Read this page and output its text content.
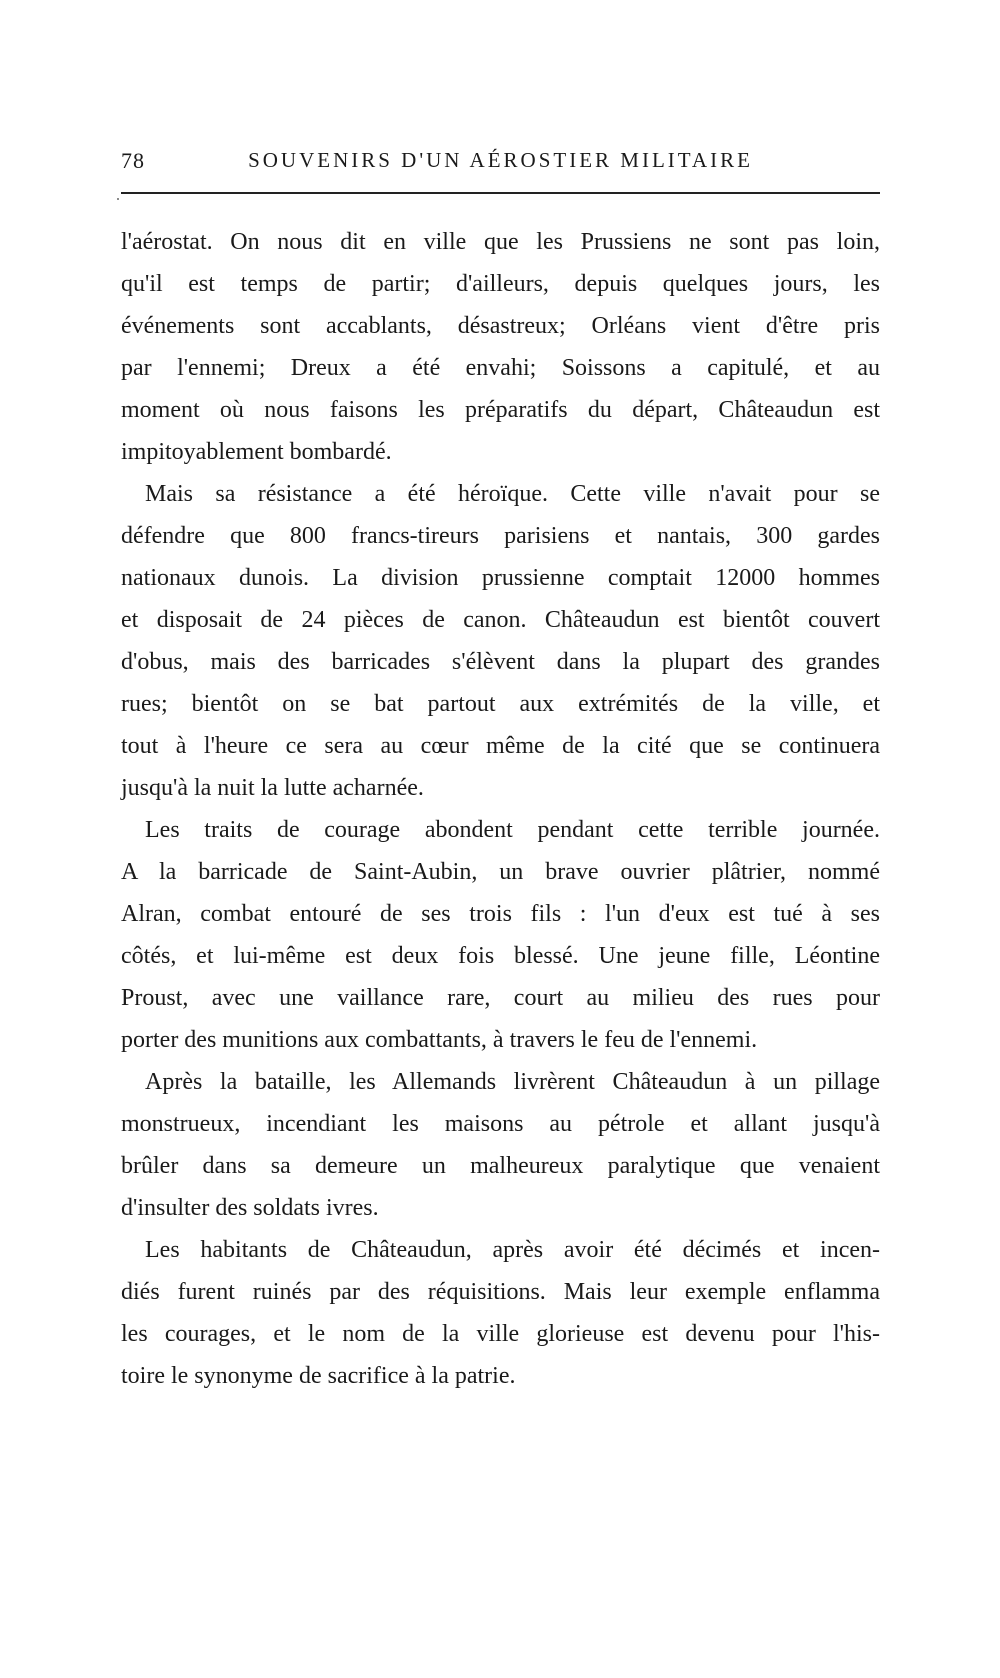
78	SOUVENIRS D'UN AÉROSTIER MILITAIRE
l'aérostat. On nous dit en ville que les Prussiens ne sont pas loin,
qu'il est temps de partir; d'ailleurs, depuis quelques jours, les
événements sont accablants, désastreux; Orléans vient d'être pris
par l'ennemi; Dreux a été envahi; Soissons a capitulé, et au
moment où nous faisons les préparatifs du départ, Châteaudun est
impitoyablement bombardé.
Mais sa résistance a été héroïque. Cette ville n'avait pour se
défendre que 800 francs-tireurs parisiens et nantais, 300 gardes
nationaux dunois. La division prussienne comptait 12000 hommes
et disposait de 24 pièces de canon. Châteaudun est bientôt couvert
d'obus, mais des barricades s'élèvent dans la plupart des grandes
rues; bientôt on se bat partout aux extrémités de la ville, et
tout à l'heure ce sera au cœur même de la cité que se continuera
jusqu'à la nuit la lutte acharnée.
Les traits de courage abondent pendant cette terrible journée.
A la barricade de Saint-Aubin, un brave ouvrier plâtrier, nommé
Alran, combat entouré de ses trois fils : l'un d'eux est tué à ses
côtés, et lui-même est deux fois blessé. Une jeune fille, Léontine
Proust, avec une vaillance rare, court au milieu des rues pour
porter des munitions aux combattants, à travers le feu de l'ennemi.
Après la bataille, les Allemands livrèrent Châteaudun à un pillage
monstrueux, incendiant les maisons au pétrole et allant jusqu'à
brûler dans sa demeure un malheureux paralytique que venaient
d'insulter des soldats ivres.
Les habitants de Châteaudun, après avoir été décimés et incen-
diés furent ruinés par des réquisitions. Mais leur exemple enflamma
les courages, et le nom de la ville glorieuse est devenu pour l'his-
toire le synonyme de sacrifice à la patrie.
